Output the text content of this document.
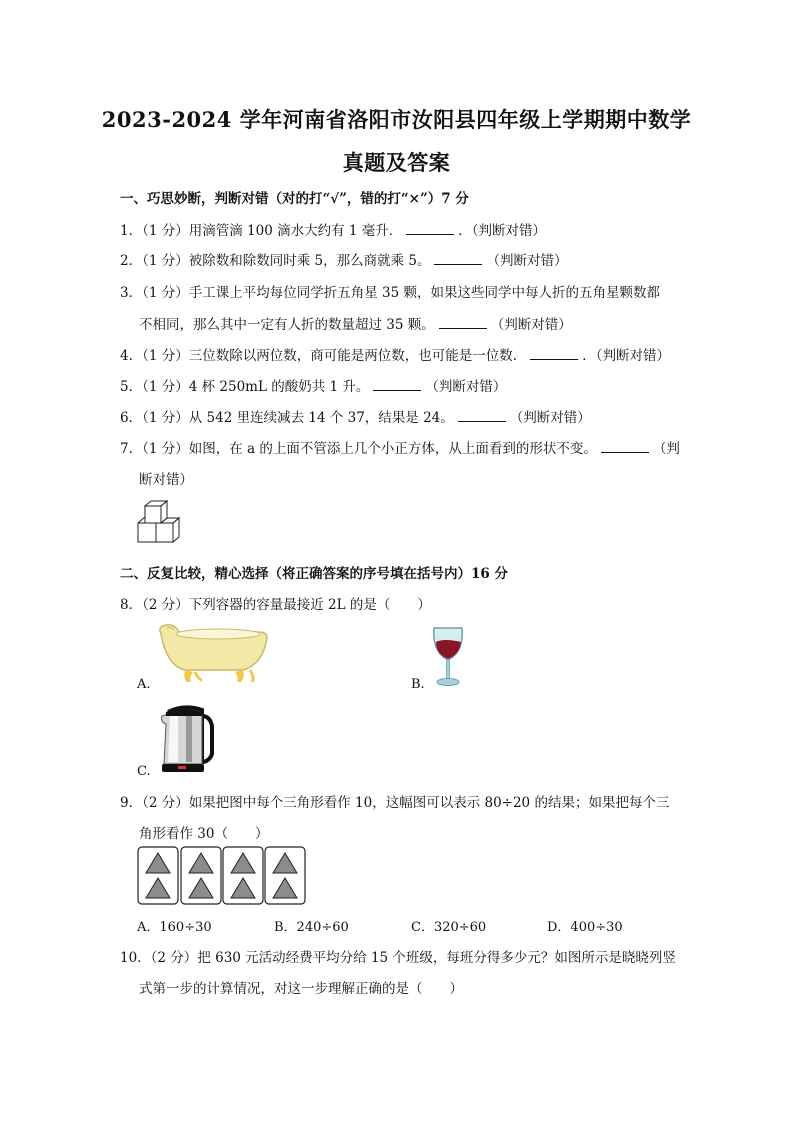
2023-2024 学年河南省洛阳市汝阳县四年级上学期期中数学
真题及答案
一、巧思妙断，判断对错（对的打“√”，错的打“×”）7 分
1．（1 分）用滴管滴 100 滴水大约有 1 毫升．	．（判断对错）
2．（1 分）被除数和除数同时乘 5，那么商就乘 5。	（判断对错）
3．（1 分）手工课上平均每位同学折五角星 35 颗，如果这些同学中每人折的五角星颗数都
不相同，那么其中一定有人折的数量超过 35 颗。	（判断对错）
4．（1 分）三位数除以两位数，商可能是两位数，也可能是一位数．	．（判断对错）
5．（1 分）4 杯 250mL 的酸奶共 1 升。	（判断对错）
6．（1 分）从 542 里连续减去 14 个 37，结果是 24。	（判断对错）
7．（1 分）如图，在 a 的上面不管添上几个小正方体，从上面看到的形状不变。	（判
断对错）
二、反复比较，精心选择（将正确答案的序号填在括号内）16 分
8．（2 分）下列容器的容量最接近 2L 的是（　　）
A.	B.
C.
9．（2 分）如果把图中每个三角形看作 10，这幅图可以表示 80÷20 的结果；如果把每个三
角形看作 30（　　）
A．160÷30	B．240÷60	C．320÷60	D．400÷30
10．（2 分）把 630 元活动经费平均分给 15 个班级，每班分得多少元？如图所示是晓晓列竖
式第一步的计算情况，对这一步理解正确的是（　　）
